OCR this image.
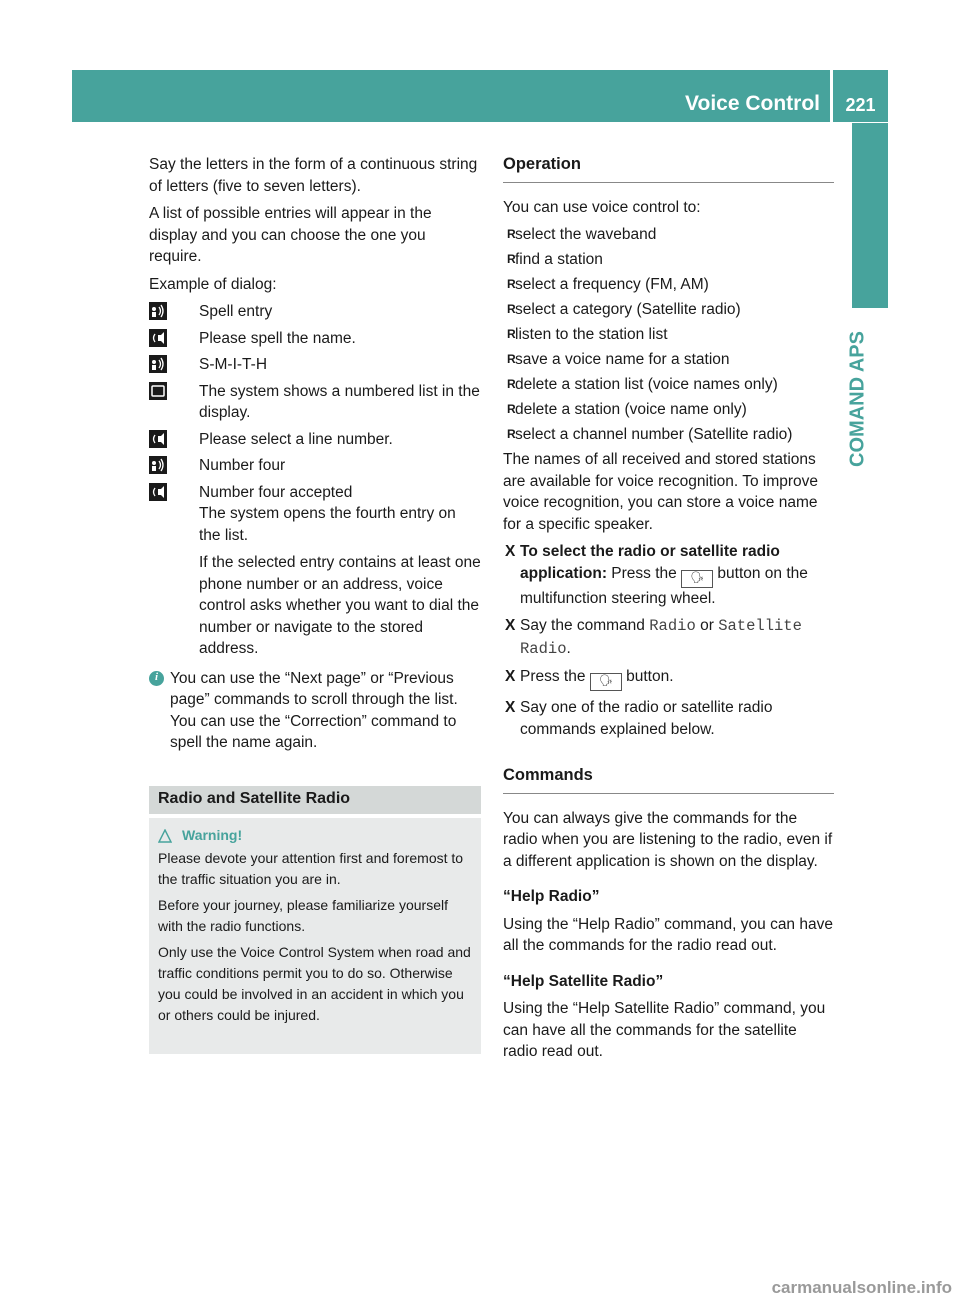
Voice Control	221
COMAND APS

Say the letters in the form of a continuous string of letters (five to seven letters).

A list of possible entries will appear in the display and you can choose the one you require.

Example of dialog:

Spell entry
Please spell the name.
S-M-I-T-H
The system shows a numbered list in the display.
Please select a line number.
Number four
Number four accepted
The system opens the fourth entry on the list.
If the selected entry contains at least one phone number or an address, voice control asks whether you want to dial the number or navigate to the stored address.
i You can use the “Next page” or “Previous page” commands to scroll through the list. You can use the “Correction” command to spell the name again.
Radio and Satellite Radio
Warning!

Please devote your attention first and foremost to the traffic situation you are in.

Before your journey, please familiarize yourself with the radio functions.

Only use the Voice Control System when road and traffic conditions permit you to do so. Otherwise you could be involved in an accident in which you or others could be injured.

Operation

You can use voice control to:

R select the waveband
R find a station
R select a frequency (FM, AM)
R select a category (Satellite radio)
R listen to the station list
R save a voice name for a station
R delete a station list (voice names only)
R delete a station (voice name only)
R select a channel number (Satellite radio)

The names of all received and stored stations are available for voice recognition. To improve voice recognition, you can store a voice name for a specific speaker.

X To select the radio or satellite radio application: Press the 🗣 button on the multifunction steering wheel.
X Say the command Radio or Satellite Radio.
X Press the 🗣 button.
X Say one of the radio or satellite radio commands explained below.
Commands

You can always give the commands for the radio when you are listening to the radio, even if a different application is shown on the display.

“Help Radio”

Using the “Help Radio” command, you can have all the commands for the radio read out.

“Help Satellite Radio”

Using the “Help Satellite Radio” command, you can have all the commands for the satellite radio read out.

carmanualsonline.info
